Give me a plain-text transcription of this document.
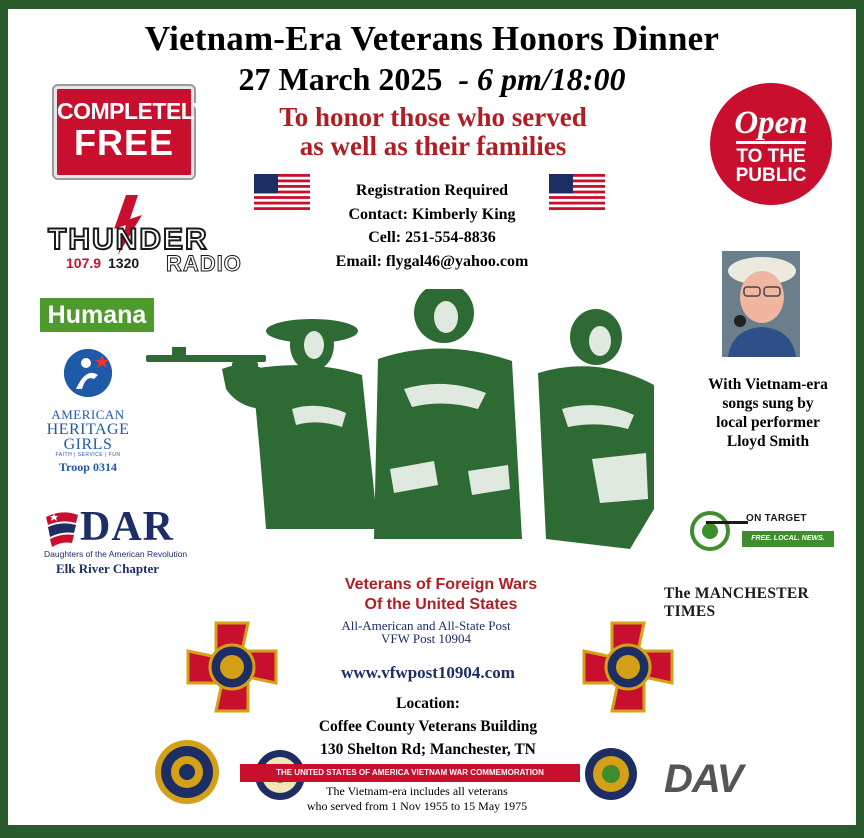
Vietnam-Era Veterans Honors Dinner
27 March 2025 - 6 pm/18:00
To honor those who served
as well as their families
Registration Required
Contact: Kimberly King
Cell: 251-554-8836
Email: flygal46@yahoo.com
COMPLETELY
FREE	Open
TO THE
PUBLIC
THUNDER
107.9 1320 RADIO
Humana
AMERICAN
HERITAGE
GIRLS
FAITH | SERVICE | FUN
Troop 0314
DAR
Daughters of the American Revolution
Elk River Chapter
With Vietnam-era
songs sung by
local performer
Lloyd Smith
ON TARGET
FREE. LOCAL. NEWS.
The MANCHESTER TIMES
Veterans of Foreign Wars
Of the United States
All-American and All-State Post
VFW Post 10904
www.vfwpost10904.com
Location:
Coffee County Veterans Building
130 Shelton Rd; Manchester, TN
THE UNITED STATES OF AMERICA VIETNAM WAR COMMEMORATION
The Vietnam-era includes all veterans
who served from 1 Nov 1955 to 15 May 1975
DAV
